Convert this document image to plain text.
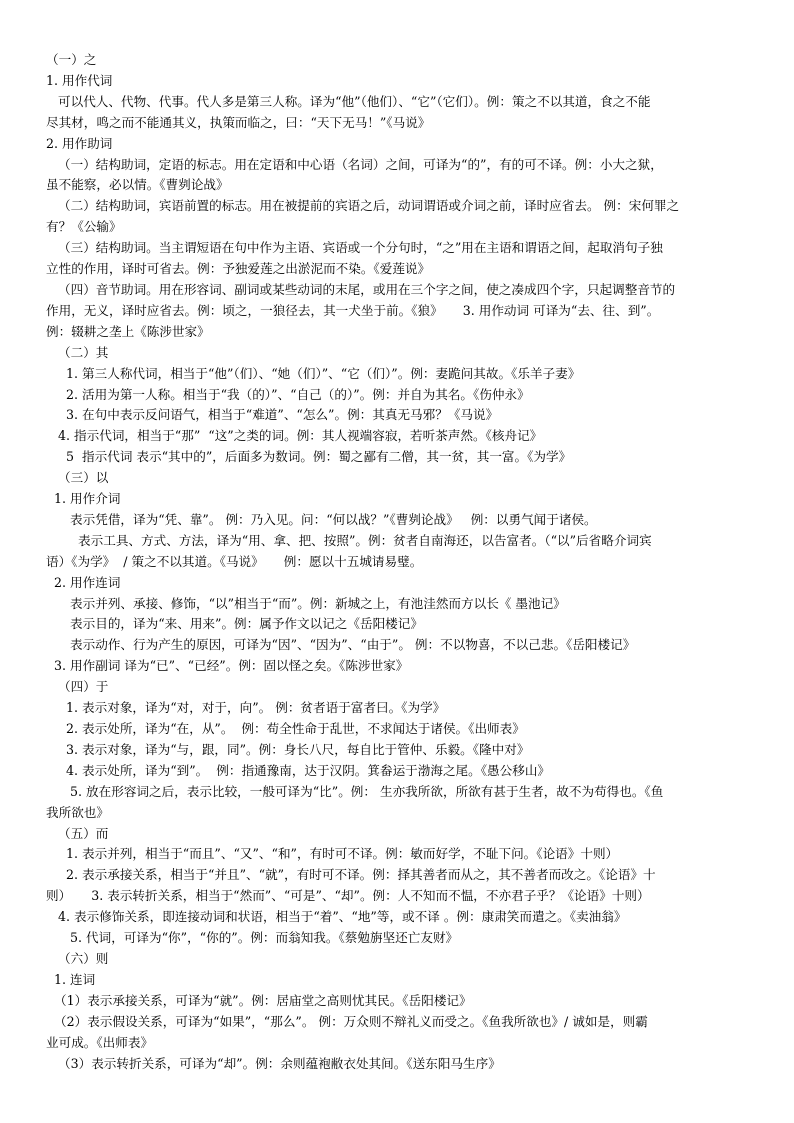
（一）之

1. 用作代词

可以代人、代物、代事。代人多是第三人称。译为“他”（他们）、“它”（它们）。例：策之不以其道，食之不能

尽其材，鸣之而不能通其义，执策而临之，曰：“天下无马！”《马说》

2. 用作助词

（一）结构助词，定语的标志。用在定语和中心语（名词）之间，可译为“的”，有的可不译。例：小大之狱，

虽不能察，必以情。《曹刿论战》

（二）结构助词，宾语前置的标志。用在被提前的宾语之后，动词谓语或介词之前，译时应省去。 例：宋何罪之

有？《公输》

（三）结构助词。当主谓短语在句中作为主语、宾语或一个分句时，“之”用在主语和谓语之间，起取消句子独

立性的作用，译时可省去。例：予独爱莲之出淤泥而不染。《爱莲说》

（四）音节助词。用在形容词、副词或某些动词的末尾，或用在三个字之间，使之凑成四个字，只起调整音节的

作用，无义，译时应省去。例：顷之，一狼径去，其一犬坐于前。《狼》     3. 用作动词 可译为“去、往、到”。

例：辍耕之垄上《陈涉世家》

（二）其

1. 第三人称代词，相当于“他”（们）、“她（们）”、“它（们）”。例：妻跪问其故。《乐羊子妻》

2. 活用为第一人称。相当于“我（的）”、“自己（的）”。例：并自为其名。《伤仲永》

3. 在句中表示反问语气，相当于“难道”、“怎么”。例：其真无马邪？《马说》

4. 指示代词，相当于“那”  “这”之类的词。例：其人视端容寂，若听茶声然。《核舟记》

5  指示代词 表示“其中的”，后面多为数词。例：蜀之鄙有二僧，其一贫，其一富。《为学》

（三）以

1. 用作介词

表示凭借，译为“凭、靠”。 例：乃入见。问：“何以战？”《曹刿论战》   例：以勇气闻于诸侯。

表示工具、方式、方法，译为“用、拿、把、按照”。例：贫者自南海还，以告富者。（“以”后省略介词宾

语）《为学》  / 策之不以其道。《马说》     例：愿以十五城请易璧。

2. 用作连词

表示并列、承接、修饰，“以”相当于“而”。例：新城之上，有池洼然而方以长《 墨池记》

表示目的，译为“来、用来”。例：属予作文以记之《岳阳楼记》

表示动作、行为产生的原因，可译为“因”、“因为”、“由于”。 例：不以物喜，不以己悲。《岳阳楼记》

3. 用作副词 译为“已”、“已经”。例：固以怪之矣。《陈涉世家》

（四）于

1. 表示对象，译为“对，对于，向”。 例：贫者语于富者曰。《为学》

2. 表示处所，译为“在，从”。  例：苟全性命于乱世，不求闻达于诸侯。《出师表》

3. 表示对象，译为“与，跟，同”。例：身长八尺，每自比于管仲、乐毅。《隆中对》

4. 表示处所，译为“到”。  例：指通豫南，达于汉阴。箕畚运于渤海之尾。《愚公移山》

5. 放在形容词之后，表示比较，一般可译为“比”。例： 生亦我所欲，所欲有甚于生者，故不为苟得也。《鱼

我所欲也》

（五）而

1. 表示并列，相当于“而且”、“又”、“和”，有时可不译。例：敏而好学，不耻下问。《论语》十则）

2. 表示承接关系，相当于“并且”、“就”，有时可不译。例：择其善者而从之，其不善者而改之。《论语》十

则）     3. 表示转折关系，相当于“然而”、“可是”、“却”。例：人不知而不愠，不亦君子乎？《论语》十则）

4. 表示修饰关系，即连接动词和状语，相当于“着”、“地”等，或不译 。例：康肃笑而遣之。《卖油翁》

5. 代词，可译为“你”，“你的”。例：而翁知我。《蔡勉旃坚还亡友财》

（六）则

1. 连词

（1）表示承接关系，可译为“就”。例：居庙堂之高则忧其民。《岳阳楼记》

（2）表示假设关系，可译为“如果”，“那么”。 例：万众则不辩礼义而受之。《鱼我所欲也》/ 诚如是，则霸

业可成。《出师表》

（3）表示转折关系，可译为“却”。例：余则蕴袍敝衣处其间。《送东阳马生序》
